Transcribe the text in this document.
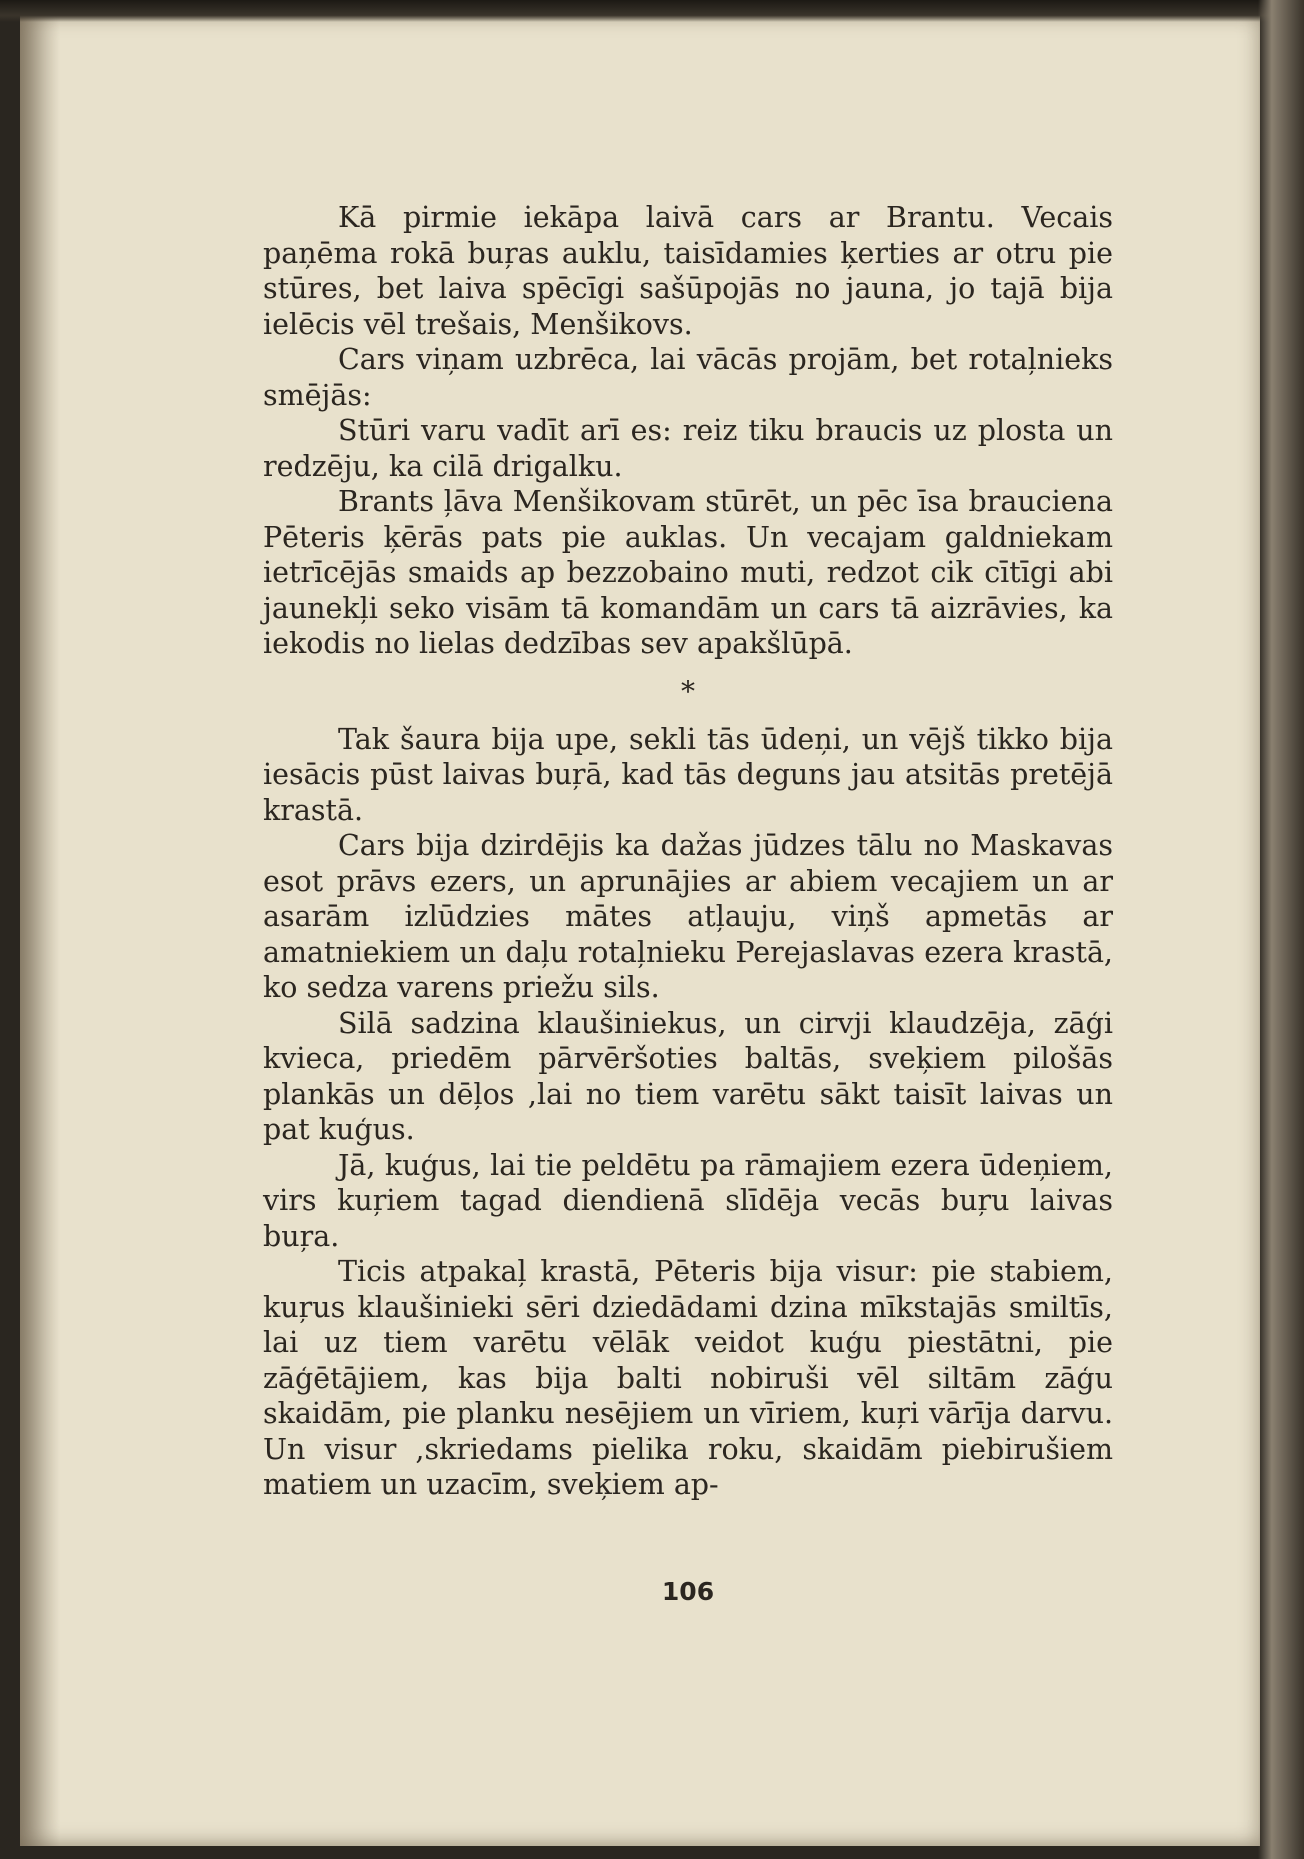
Kā pirmie iekāpa laivā cars ar Brantu. Vecais paņēma rokā buŗas auklu, taisīdamies ķerties ar otru pie stūres, bet laiva spēcīgi sašūpojās no jauna, jo tajā bija ielēcis vēl trešais, Menšikovs.

Cars viņam uzbrēca, lai vācās projām, bet rotaļnieks smējās:

Stūri varu vadīt arī es: reiz tiku braucis uz plosta un redzēju, ka cilā drigalku.

Brants ļāva Menšikovam stūrēt, un pēc īsa brauciena Pēteris ķērās pats pie auklas. Un vecajam galdniekam ietrīcējās smaids ap bezzobaino muti, redzot cik cītīgi abi jaunekļi seko visām tā komandām un cars tā aizrāvies, ka iekodis no lielas dedzības sev apakšlūpā.

*

Tak šaura bija upe, sekli tās ūdeņi, un vējš tikko bija iesācis pūst laivas buŗā, kad tās deguns jau atsitās pretējā krastā.

Cars bija dzirdējis ka dažas jūdzes tālu no Maskavas esot prāvs ezers, un aprunājies ar abiem vecajiem un ar asarām izlūdzies mātes atļauju, viņš apmetās ar amatniekiem un daļu rotaļnieku Perejaslavas ezera krastā, ko sedza varens priežu sils.

Silā sadzina klaušiniekus, un cirvji klaudzēja, zāģi kvieca, priedēm pārvēršoties baltās, sveķiem pilošās plankās un dēļos ,lai no tiem varētu sākt taisīt laivas un pat kuģus.

Jā, kuģus, lai tie peldētu pa rāmajiem ezera ūdeņiem, virs kuŗiem tagad diendienā slīdēja vecās buŗu laivas buŗa.

Ticis atpakaļ krastā, Pēteris bija visur: pie stabiem, kuŗus klaušinieki sēri dziedādami dzina mīkstajās smiltīs, lai uz tiem varētu vēlāk veidot kuģu piestātni, pie zāģētājiem, kas bija balti nobiruši vēl siltām zāģu skaidām, pie planku nesējiem un vīriem, kuŗi vārīja darvu. Un visur ,skriedams pielika roku, skaidām piebirušiem matiem un uzacīm, sveķiem ap-

106
